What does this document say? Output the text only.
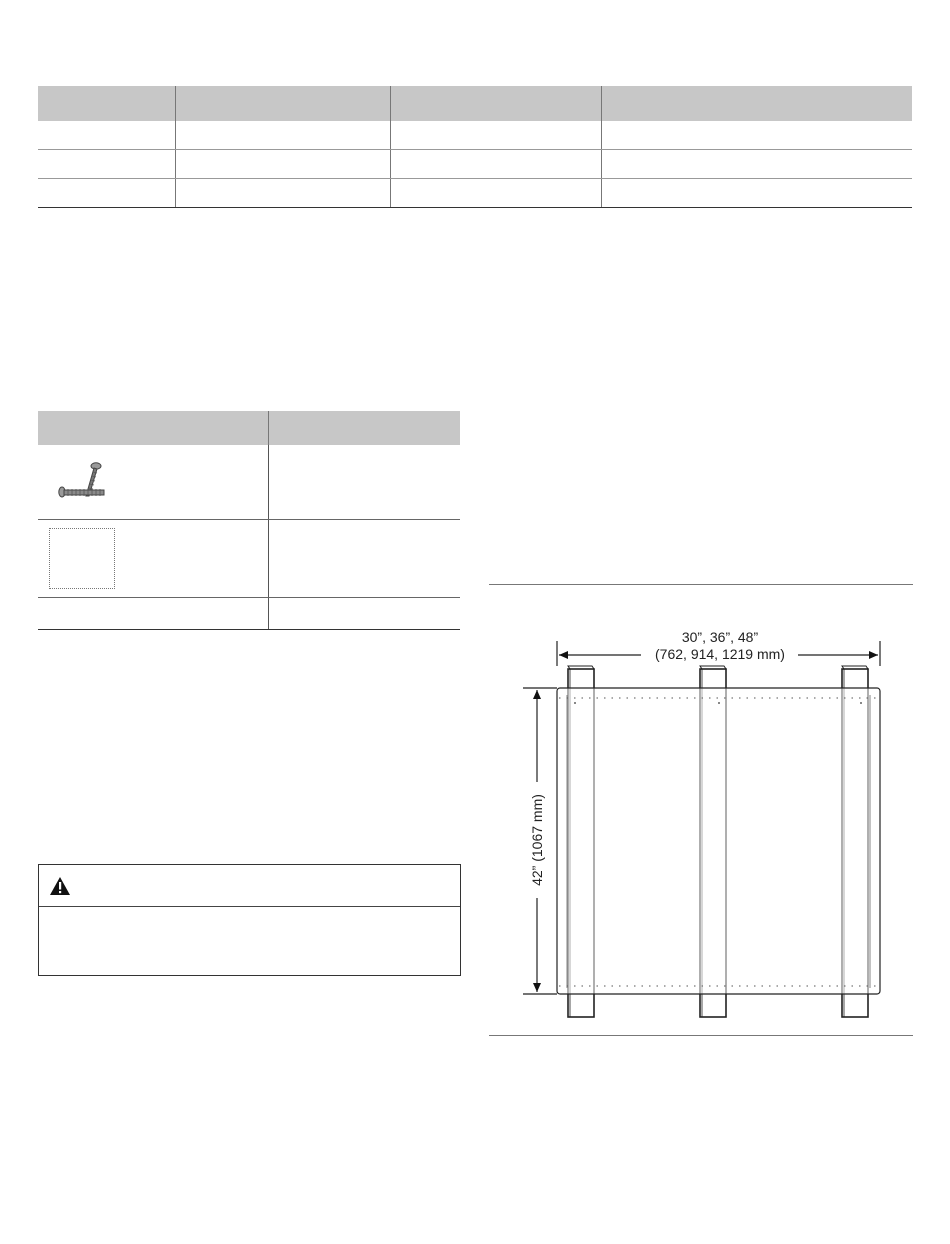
30”, 36”, 48”
(762, 914, 1219 mm)
42” (1067 mm)
